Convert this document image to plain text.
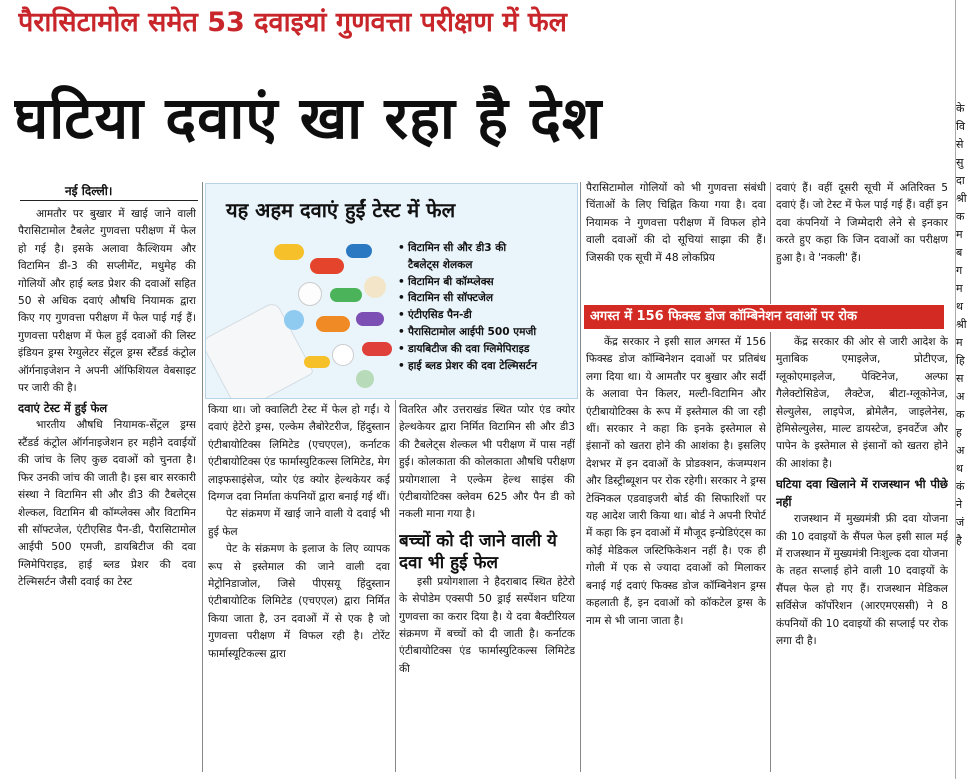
पैरासिटामोल समेत 53 दवाइयां गुणवत्ता परीक्षण में फेल
घटिया दवाएं खा रहा है देश
नई दिल्ली।

आमतौर पर बुखार में खाई जाने वाली पैरासिटामोल टैबलेट गुणवत्ता परीक्षण में फेल हो गई है। इसके अलावा कैल्शियम और विटामिन डी-3 की सप्लीमेंट, मधुमेह की गोलियों और हाई ब्लड प्रेशर की दवाओं सहित 50 से अधिक दवाएं औषधि नियामक द्वारा किए गए गुणवत्ता परीक्षण में फेल पाई गई हैं। गुणवत्ता परीक्षण में फेल हुई दवाओं की लिस्ट इंडियन ड्रग्स रेग्युलेटर सेंट्रल ड्रग्स स्टैंडर्ड कंट्रोल ऑर्गनाइजेशन ने अपनी ऑफिशियल वेबसाइट पर जारी की है।

दवाएं टेस्ट में हुई फेल

भारतीय औषधि नियामक-सेंट्रल ड्रग्स स्टैंडर्ड कंट्रोल ऑर्गनाइजेशन हर महीने दवाईयों की जांच के लिए कुछ दवाओं को चुनता है। फिर उनकी जांच की जाती है। इस बार सरकारी संस्था ने विटामिन सी और डी3 की टैबलेट्स शेल्कल, विटामिन बी कॉम्प्लेक्स और विटामिन सी सॉफ्टजेल, एंटीएसिड पैन-डी, पैरासिटामोल आईपी 500 एमजी, डायबिटीज की दवा ग्लिमेपिराइड, हाई ब्लड प्रेशर की दवा टेल्मिसर्टन जैसी दवाई का टेस्ट

यह अहम दवाएं हुईं टेस्ट में फेल
• विटामिन सी और डी3 की
टैबलेट्स शेलकल
• विटामिन बी कॉम्प्लेक्स
• विटामिन सी सॉफ्टजेल
• एंटीएसिड पैन-डी
• पैरासिटामोल आईपी 500 एमजी
• डायबिटीज की दवा ग्लिमेपिराइड
• हाई ब्लड प्रेशर की दवा टेल्मिसर्टन

किया था। जो क्वालिटी टेस्ट में फेल हो गईं। ये दवाएं हेटेरो ड्रग्स, एल्केम लैबोरेटरीज, हिंदुस्तान एंटीबायोटिक्स लिमिटेड (एचएएल), कर्नाटक एंटीबायोटिक्स एंड फार्मास्युटिकल्स लिमिटेड, मेग लाइफसाइंसेज, प्योर एंड क्योर हेल्थकेयर कई दिग्गज दवा निर्माता कंपनियों द्वारा बनाई गई थीं।

पेट संक्रमण में खाई जाने वाली ये दवाई भी हुई फेल

पेट के संक्रमण के इलाज के लिए व्यापक रूप से इस्तेमाल की जाने वाली दवा मेट्रोनिडाजोल, जिसे पीएसयू हिंदुस्तान एंटीबायोटिक लिमिटेड (एचएएल) द्वारा निर्मित किया जाता है, उन दवाओं में से एक है जो गुणवत्ता परीक्षण में विफल रही है। टोरेंट फार्मास्यूटिकल्स द्वारा

वितरित और उत्तराखंड स्थित प्योर एंड क्योर हेल्थकेयर द्वारा निर्मित विटामिन सी और डी3 की टैबलेट्स शेल्कल भी परीक्षण में पास नहीं हुई। कोलकाता की कोलकाता औषधि परीक्षण प्रयोगशाला ने एल्केम हेल्थ साइंस की एंटीबायोटिक्स क्लेवम 625 और पैन डी को नकली माना गया है।

बच्चों को दी जाने वाली ये दवा भी हुई फेल

इसी प्रयोगशाला ने हैदराबाद स्थित हेटेरो के सेपोडेम एक्सपी 50 ड्राई सस्पेंशन घटिया गुणवत्ता का करार दिया है। ये दवा बैक्टीरियल संक्रमण में बच्चों को दी जाती है। कर्नाटक एंटीबायोटिक्स एंड फार्मास्युटिकल्स लिमिटेड की

पैरासिटामोल गोलियों को भी गुणवत्ता संबंधी चिंताओं के लिए चिह्नित किया गया है। दवा नियामक ने गुणवत्ता परीक्षण में विफल होने वाली दवाओं की दो सूचियां साझा की हैं। जिसकी एक सूची में 48 लोकप्रिय

अगस्त में 156 फिक्स्ड डोज कॉम्बिनेशन दवाओं पर रोक

केंद्र सरकार ने इसी साल अगस्त में 156 फिक्स्ड डोज कॉम्बिनेशन दवाओं पर प्रतिबंध लगा दिया था। ये आमतौर पर बुखार और सर्दी के अलावा पेन किलर, मल्टी-विटामिन और एंटीबायोटिक्स के रूप में इस्तेमाल की जा रही थीं। सरकार ने कहा कि इनके इस्तेमाल से इंसानों को खतरा होने की आशंका है। इसलिए देशभर में इन दवाओं के प्रोडक्शन, कंजम्पशन और डिस्ट्रीब्यूशन पर रोक रहेगी। सरकार ने ड्रग्स टेक्निकल एडवाइजरी बोर्ड की सिफारिशों पर यह आदेश जारी किया था। बोर्ड ने अपनी रिपोर्ट में कहा कि इन दवाओं में मौजूद इन्ग्रेडिएंट्स का कोई मेडिकल जस्टिफिकेशन नहीं है। एक ही गोली में एक से ज्यादा दवाओं को मिलाकर बनाई गई दवाएं फिक्स्ड डोज कॉम्बिनेशन ड्रग्स कहलाती हैं, इन दवाओं को कॉकटेल ड्रग्स के नाम से भी जाना जाता है।

दवाएं हैं। वहीं दूसरी सूची में अतिरिक्त 5 दवाएं हैं। जो टेस्ट में फेल पाई गई हैं। वहीं इन दवा कंपनियों ने जिम्मेदारी लेने से इनकार करते हुए कहा कि जिन दवाओं का परीक्षण हुआ है। वे 'नकली' हैं।

केंद्र सरकार की ओर से जारी आदेश के मुताबिक एमाइलेज, प्रोटीएज, ग्लूकोएमाइलेज, पेक्टिनेज, अल्फा गैलेक्टोसिडेज, लैक्टेज, बीटा-ग्लूकोनेज, सेल्युलेस, लाइपेज, ब्रोमेलैन, जाइलेनेस, हेमिसेल्युलेस, माल्ट डायस्टेज, इनवर्टेज और पापेन के इस्तेमाल से इंसानों को खतरा होने की आशंका है।

घटिया दवा खिलाने में राजस्थान भी पीछे नहीं

राजस्थान में मुख्यमंत्री फ्री दवा योजना की 10 दवाइयों के सैंपल फेल इसी साल मई में राजस्थान में मुख्यमंत्री निःशुल्क दवा योजना के तहत सप्लाई होने वाली 10 दवाइयों के सैंपल फेल हो गए हैं। राजस्थान मेडिकल सर्विसेज कॉर्पोरेशन (आरएमएससी) ने 8 कंपनियों की 10 दवाइयों की सप्लाई पर रोक लगा दी है।

के
वि
से
सु
दा
श्री
क
म
ब
ग
म
थ
श्री
म
हि
स
अ
क
ह
अ
थ
कं
ने
जं
है
